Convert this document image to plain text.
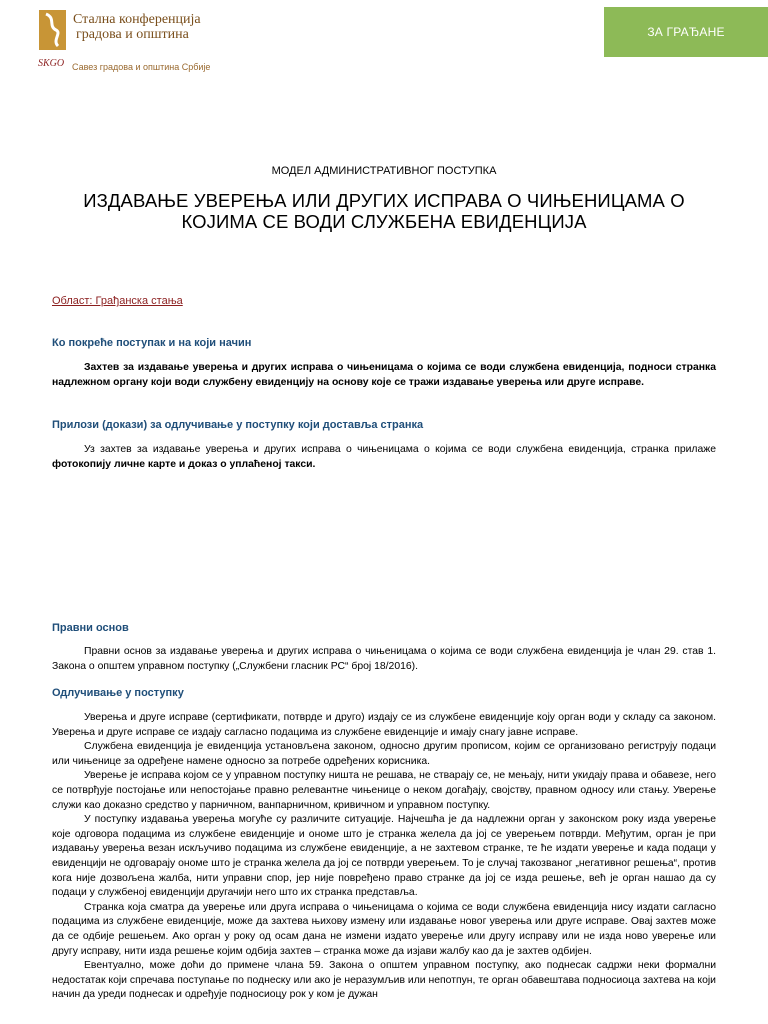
SKGO
Стална конференција
градова и општина
Савез градова и општина Србије
ЗА ГРАЂАНЕ
МОДЕЛ АДМИНИСТРАТИВНОГ ПОСТУПКА
ИЗДАВАЊЕ УВЕРЕЊА ИЛИ ДРУГИХ ИСПРАВА О ЧИЊЕНИЦАМА О КОЈИМА СЕ ВОДИ СЛУЖБЕНА ЕВИДЕНЦИЈА
Област: Грађанска стања
Ко покреће поступак и на који начин

Захтев за издавање уверења и других исправа о чињеницама о којима се води службена евиденција, подноси странка надлежном органу који води службену евиденцију на основу које се тражи издавање уверења или друге исправе.

Прилози (докази) за одлучивање у поступку који доставља странка

Уз захтев за издавање уверења и других исправа о чињеницама о којима се води службена евиденција, странка прилаже фотокопију личне карте и доказ о уплаћеној такси.

Правни основ

Правни основ за издавање уверења и других исправа о чињеницама о којима се води службена евиденција је члан 29. став 1. Закона о општем управном поступку („Службени гласник РС“ број 18/2016).

Одлучивање у поступку

Уверења и друге исправе (сертификати, потврде и друго) издају се из службене евиденције коју орган води у складу са законом. Уверења и друге исправе се издају сагласно подацима из службене евиденције и имају снагу јавне исправе.

Службена евиденција је евиденција установљена законом, односно другим прописом, којим се организовано региструју подаци или чињенице за одређене намене односно за потребе одређених корисника.

Уверење је исправа којом се у управном поступку ништа не решава, не стварају се, не мењају, нити укидају права и обавезе, него се потврђује постојање или непостојање правно релевантне чињенице о неком догађају, својству, правном односу или стању. Уверење служи као доказно средство у парничном, ванпарничном, кривичном и управном поступку.

У поступку издавања уверења могуће су различите ситуације. Најчешћа је да надлежни орган у законском року изда уверење које одговора подацима из службене евиденције и ономе што је странка желела да јој се уверењем потврди. Међутим, орган је при издавању уверења везан искључиво подацима из службене евиденције, а не захтевом странке, те ће издати уверење и када подаци у евиденцији не одговарају ономе што је странка желела да јој се потврди уверењем. То је случај такозваног „негативног решења“, против кога није дозвољена жалба, нити управни спор, јер није повређено право странке да јој се изда решење, већ је орган нашао да су подаци у службеној евиденцији другачији него што их странка представља.

Странка која сматра да уверење или друга исправа о чињеницама о којима се води службена евиденција нису издати сагласно подацима из службене евиденције, може да захтева њихову измену или издавање новог уверења или друге исправе. Овај захтев може да се одбије решењем. Ако орган у року од осам дана не измени издато уверење или другу исправу или не изда ново уверење или другу исправу, нити изда решење којим одбија захтев – странка може да изјави жалбу као да је захтев одбијен.

Евентуално, може доћи до примене члана 59. Закона о општем управном поступку, ако поднесак садржи неки формални недостатак који спречава поступање по поднеску или ако је неразумљив или непотпун, те орган обавештава подносиоца захтева на који начин да уреди поднесак и одређује подносиоцу рок у ком је дужан
